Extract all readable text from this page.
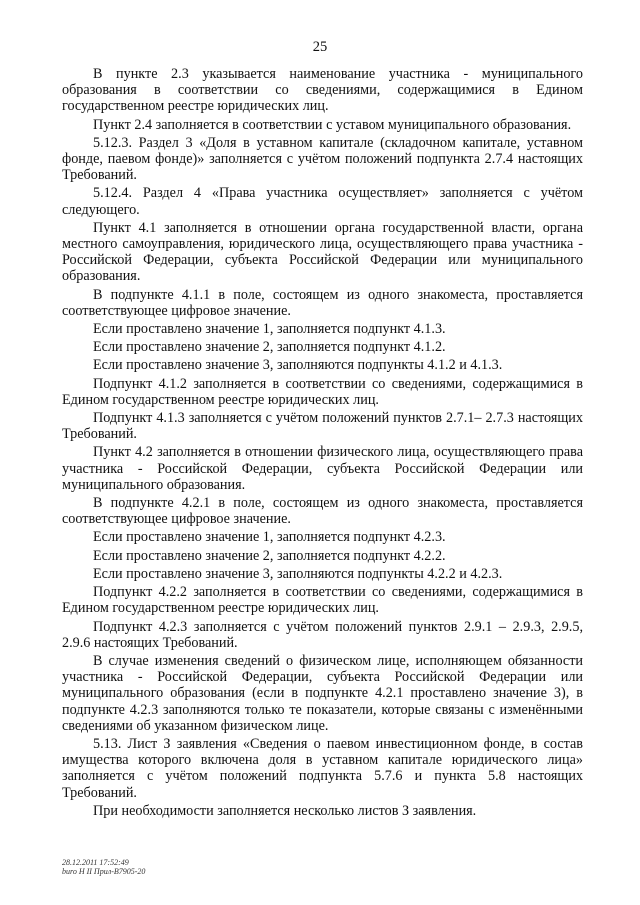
25

В пункте 2.3 указывается наименование участника - муниципального образования в соответствии со сведениями, содержащимися в Едином государственном реестре юридических лиц.

Пункт 2.4 заполняется в соответствии с уставом муниципального образования.

5.12.3. Раздел 3 «Доля в уставном капитале (складочном капитале, уставном фонде, паевом фонде)» заполняется с учётом положений подпункта 2.7.4 настоящих Требований.

5.12.4. Раздел 4 «Права участника осуществляет» заполняется с учётом следующего.

Пункт 4.1 заполняется в отношении органа государственной власти, органа местного самоуправления, юридического лица, осуществляющего права участника - Российской Федерации, субъекта Российской Федерации или муниципального образования.

В подпункте 4.1.1 в поле, состоящем из одного знакоместа, проставляется соответствующее цифровое значение.

Если проставлено значение 1, заполняется подпункт 4.1.3.

Если проставлено значение 2, заполняется подпункт 4.1.2.

Если проставлено значение 3, заполняются подпункты 4.1.2 и 4.1.3.

Подпункт 4.1.2 заполняется в соответствии со сведениями, содержащимися в Едином государственном реестре юридических лиц.

Подпункт 4.1.3 заполняется с учётом положений пунктов 2.7.1– 2.7.3 настоящих Требований.

Пункт 4.2 заполняется в отношении физического лица, осуществляющего права участника - Российской Федерации, субъекта Российской Федерации или муниципального образования.

В подпункте 4.2.1 в поле, состоящем из одного знакоместа, проставляется соответствующее цифровое значение.

Если проставлено значение 1, заполняется подпункт 4.2.3.

Если проставлено значение 2, заполняется подпункт 4.2.2.

Если проставлено значение 3, заполняются подпункты 4.2.2 и 4.2.3.

Подпункт 4.2.2 заполняется в соответствии со сведениями, содержащимися в Едином государственном реестре юридических лиц.

Подпункт 4.2.3 заполняется с учётом положений пунктов 2.9.1 – 2.9.3, 2.9.5, 2.9.6 настоящих Требований.

В случае изменения сведений о физическом лице, исполняющем обязанности участника - Российской Федерации, субъекта Российской Федерации или муниципального образования (если в подпункте 4.2.1 проставлено значение 3), в подпункте 4.2.3 заполняются только те показатели, которые связаны с изменёнными сведениями об указанном физическом лице.

5.13. Лист З заявления «Сведения о паевом инвестиционном фонде, в состав имущества которого включена доля в уставном капитале юридического лица» заполняется с учётом положений подпункта 5.7.6 и пункта 5.8 настоящих Требований.

При необходимости заполняется несколько листов З заявления.

28.12.2011 17:52:49
buro H II Прил-В7905-20
